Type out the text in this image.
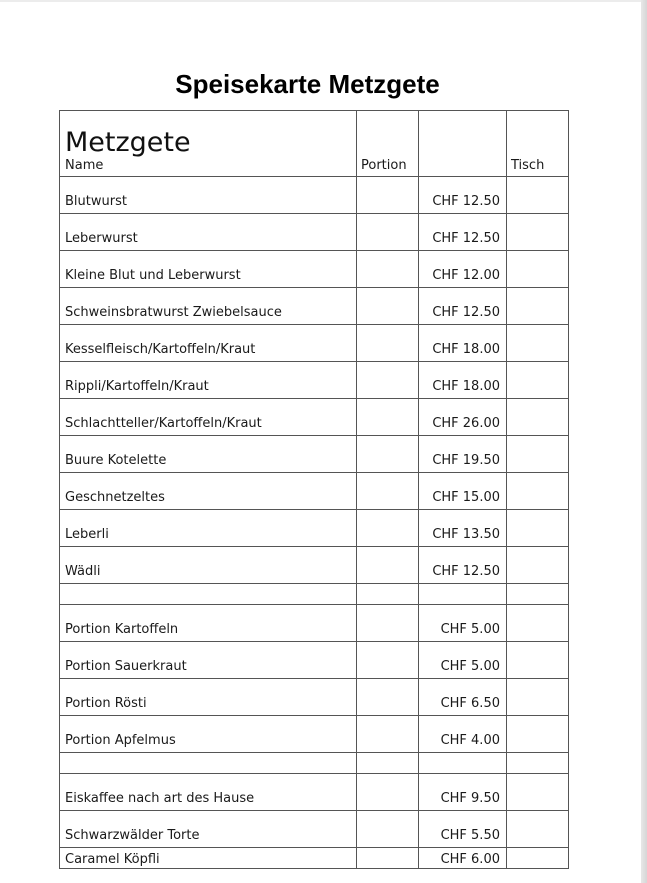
Speisekarte Metzgete
Metzgete
Name	Portion		Tisch
Blutwurst		CHF 12.50	
Leberwurst		CHF 12.50	
Kleine Blut und Leberwurst		CHF 12.00	
Schweinsbratwurst Zwiebelsauce		CHF 12.50	
Kesselfleisch/Kartoffeln/Kraut		CHF 18.00	
Rippli/Kartoffeln/Kraut		CHF 18.00	
Schlachtteller/Kartoffeln/Kraut		CHF 26.00	
Buure Kotelette		CHF 19.50	
Geschnetzeltes		CHF 15.00	
Leberli		CHF 13.50	
Wädli		CHF 12.50	

Portion Kartoffeln		CHF 5.00	
Portion Sauerkraut		CHF 5.00	
Portion Rösti		CHF 6.50	
Portion Apfelmus		CHF 4.00	

Eiskaffee nach art des Hause		CHF 9.50	
Schwarzwälder Torte		CHF 5.50	
Caramel Köpfli		CHF 6.00	
